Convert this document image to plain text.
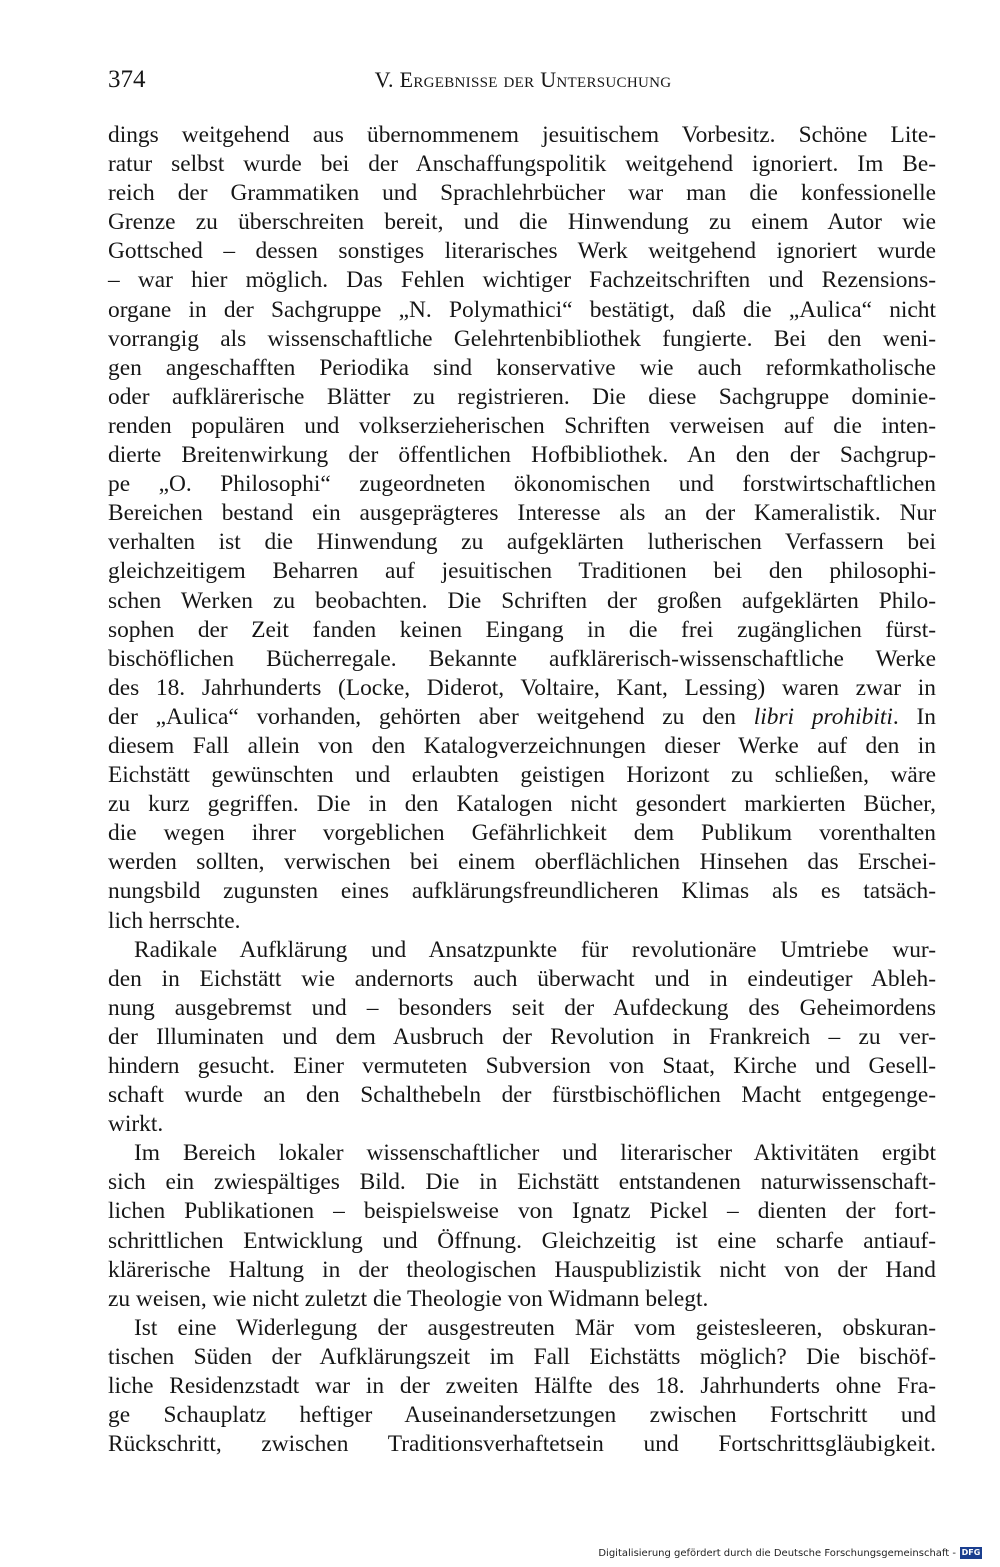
374	V. Ergebnisse der Untersuchung
dings weitgehend aus übernommenem jesuitischem Vorbesitz. Schöne Lite-
ratur selbst wurde bei der Anschaffungspolitik weitgehend ignoriert. Im Be-
reich der Grammatiken und Sprachlehrbücher war man die konfessionelle
Grenze zu überschreiten bereit, und die Hinwendung zu einem Autor wie
Gottsched – dessen sonstiges literarisches Werk weitgehend ignoriert wurde
– war hier möglich. Das Fehlen wichtiger Fachzeitschriften und Rezensions-
organe in der Sachgruppe „N. Polymathici“ bestätigt, daß die „Aulica“ nicht
vorrangig als wissenschaftliche Gelehrtenbibliothek fungierte. Bei den weni-
gen angeschafften Periodika sind konservative wie auch reformkatholische
oder aufklärerische Blätter zu registrieren. Die diese Sachgruppe dominie-
renden populären und volkserzieherischen Schriften verweisen auf die inten-
dierte Breitenwirkung der öffentlichen Hofbibliothek. An den der Sachgrup-
pe „O. Philosophi“ zugeordneten ökonomischen und forstwirtschaftlichen
Bereichen bestand ein ausgeprägteres Interesse als an der Kameralistik. Nur
verhalten ist die Hinwendung zu aufgeklärten lutherischen Verfassern bei
gleichzeitigem Beharren auf jesuitischen Traditionen bei den philosophi-
schen Werken zu beobachten. Die Schriften der großen aufgeklärten Philo-
sophen der Zeit fanden keinen Eingang in die frei zugänglichen fürst-
bischöflichen Bücherregale. Bekannte aufklärerisch-wissenschaftliche Werke
des 18. Jahrhunderts (Locke, Diderot, Voltaire, Kant, Lessing) waren zwar in
der „Aulica“ vorhanden, gehörten aber weitgehend zu den libri prohibiti. In
diesem Fall allein von den Katalogverzeichnungen dieser Werke auf den in
Eichstätt gewünschten und erlaubten geistigen Horizont zu schließen, wäre
zu kurz gegriffen. Die in den Katalogen nicht gesondert markierten Bücher,
die wegen ihrer vorgeblichen Gefährlichkeit dem Publikum vorenthalten
werden sollten, verwischen bei einem oberflächlichen Hinsehen das Erschei-
nungsbild zugunsten eines aufklärungsfreundlicheren Klimas als es tatsäch-
lich herrschte.
Radikale Aufklärung und Ansatzpunkte für revolutionäre Umtriebe wur-
den in Eichstätt wie andernorts auch überwacht und in eindeutiger Ableh-
nung ausgebremst und – besonders seit der Aufdeckung des Geheimordens
der Illuminaten und dem Ausbruch der Revolution in Frankreich – zu ver-
hindern gesucht. Einer vermuteten Subversion von Staat, Kirche und Gesell-
schaft wurde an den Schalthebeln der fürstbischöflichen Macht entgegenge-
wirkt.
Im Bereich lokaler wissenschaftlicher und literarischer Aktivitäten ergibt
sich ein zwiespältiges Bild. Die in Eichstätt entstandenen naturwissenschaft-
lichen Publikationen – beispielsweise von Ignatz Pickel – dienten der fort-
schrittlichen Entwicklung und Öffnung. Gleichzeitig ist eine scharfe antiauf-
klärerische Haltung in der theologischen Hauspublizistik nicht von der Hand
zu weisen, wie nicht zuletzt die Theologie von Widmann belegt.
Ist eine Widerlegung der ausgestreuten Mär vom geistesleeren, obskuran-
tischen Süden der Aufklärungszeit im Fall Eichstätts möglich? Die bischöf-
liche Residenzstadt war in der zweiten Hälfte des 18. Jahrhunderts ohne Fra-
ge Schauplatz heftiger Auseinandersetzungen zwischen Fortschritt und
Rückschritt, zwischen Traditionsverhaftetsein und Fortschrittsgläubigkeit.
Digitalisierung gefördert durch die Deutsche Forschungsgemeinschaft - DFG
